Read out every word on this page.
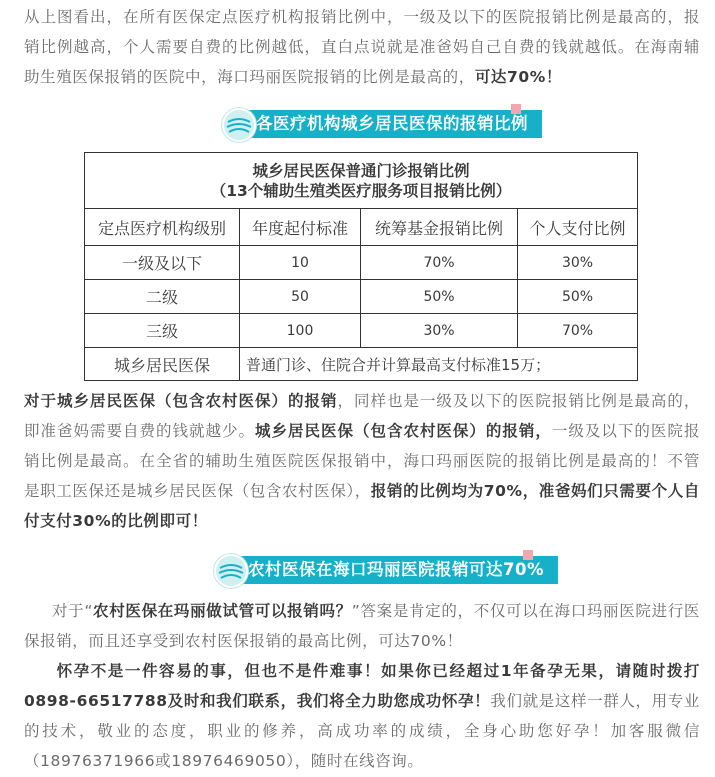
从上图看出，在所有医保定点医疗机构报销比例中，一级及以下的医院报销比例是最高的，报销比例越高，个人需要自费的比例越低，直白点说就是准爸妈自己自费的钱就越低。在海南辅助生殖医保报销的医院中，海口玛丽医院报销的比例是最高的，可达70%！

各医疗机构城乡居民医保的报销比例
城乡居民医保普通门诊报销比例
（13个辅助生殖类医疗服务项目报销比例）			

定点医疗机构级别	年度起付标准	统筹基金报销比例	个人支付比例
一级及以下	10	70%	30%
二级	50	50%	50%
三级	100	30%	70%
城乡居民医保	普通门诊、住院合并计算最高支付标准15万；		

对于城乡居民医保（包含农村医保）的报销，同样也是一级及以下的医院报销比例是最高的，即准爸妈需要自费的钱就越少。城乡居民医保（包含农村医保）的报销，一级及以下的医院报销比例是最高。在全省的辅助生殖医院医保报销中，海口玛丽医院的报销比例是最高的！不管是职工医保还是城乡居民医保（包含农村医保），报销的比例均为70%，准爸妈们只需要个人自付支付30%的比例即可！

农村医保在海口玛丽医院报销可达70%

对于“农村医保在玛丽做试管可以报销吗？”答案是肯定的，不仅可以在海口玛丽医院进行医保报销，而且还享受到农村医保报销的最高比例，可达70%！

怀孕不是一件容易的事，但也不是件难事！如果你已经超过1年备孕无果，请随时拨打0898-66517788及时和我们联系，我们将全力助您成功怀孕！我们就是这样一群人，用专业的技术，敬业的态度，职业的修养，高成功率的成绩，全身心助您好孕！加客服微信（18976371966或18976469050），随时在线咨询。
